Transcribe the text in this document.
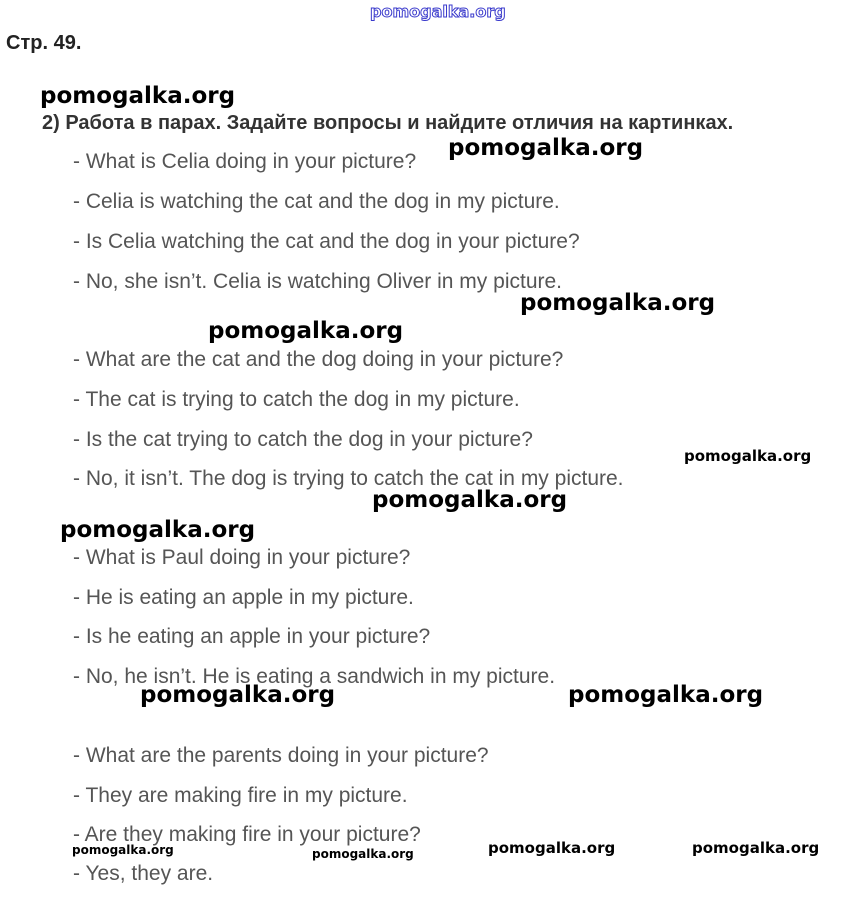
pomogalka.org
Стр. 49.
pomogalka.org
2) Работа в парах. Задайте вопросы и найдите отличия на картинках.
- What is Celia doing in your picture?
pomogalka.org
- Celia is watching the cat and the dog in my picture.
- Is Celia watching the cat and the dog in your picture?
- No, she isn’t. Celia is watching Oliver in my picture.
pomogalka.org
pomogalka.org
- What are the cat and the dog doing in your picture?
- The cat is trying to catch the dog in my picture.
- Is the cat trying to catch the dog in your picture?
pomogalka.org
- No, it isn’t. The dog is trying to catch the cat in my picture.
pomogalka.org
pomogalka.org
- What is Paul doing in your picture?
- He is eating an apple in my picture.
- Is he eating an apple in your picture?
- No, he isn’t. He is eating a sandwich in my picture.
pomogalka.org	pomogalka.org
- What are the parents doing in your picture?
- They are making fire in my picture.
- Are they making fire in your picture?
pomogalka.org	pomogalka.org	pomogalka.org	pomogalka.org
- Yes, they are.
